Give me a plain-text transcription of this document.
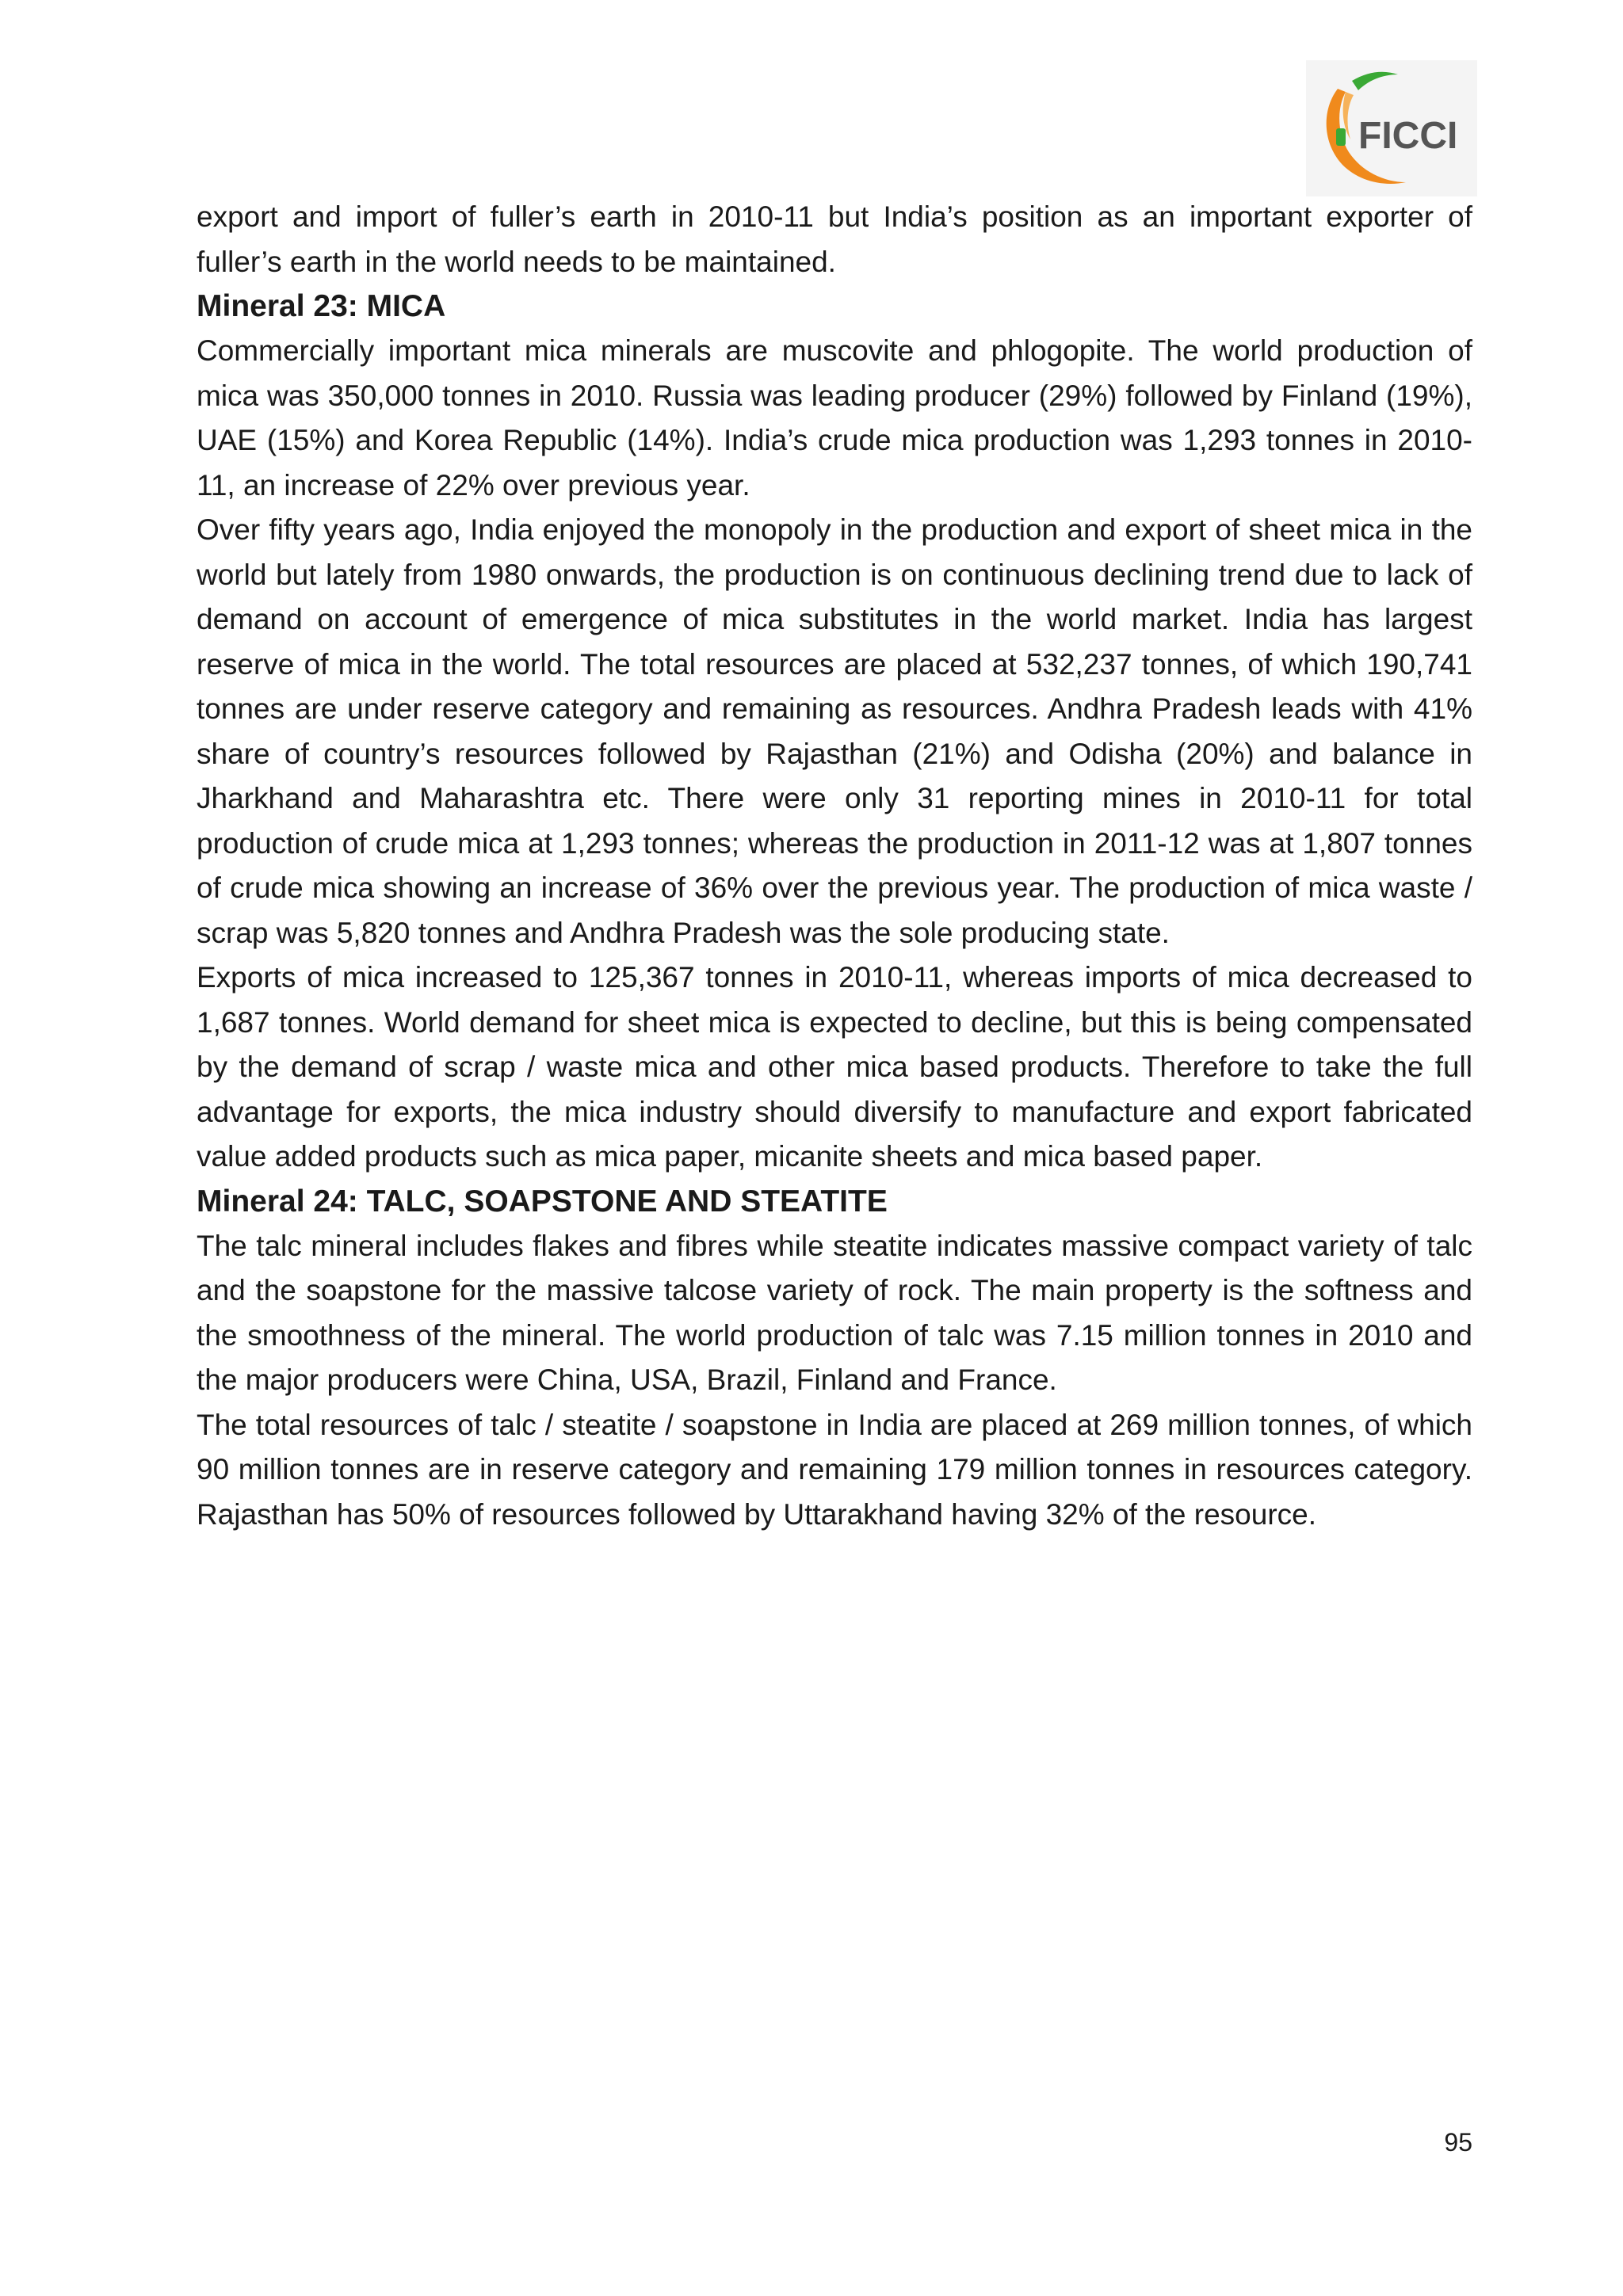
FICCI

export and import of fuller’s earth in 2010-11 but India’s position as an important exporter of fuller’s earth in the world needs to be maintained.

Mineral 23: MICA

Commercially important mica minerals are muscovite and phlogopite. The world production of mica was 350,000 tonnes in 2010. Russia was leading producer (29%) followed by Finland (19%), UAE (15%) and Korea Republic (14%). India’s crude mica production was 1,293 tonnes in 2010-11, an increase of 22% over previous year.

Over fifty years ago, India enjoyed the monopoly in the production and export of sheet mica in the world but lately from 1980 onwards, the production is on continuous declining trend due to lack of demand on account of emergence of mica substitutes in the world market. India has largest reserve of mica in the world. The total resources are placed at 532,237 tonnes, of which 190,741 tonnes are under reserve category and remaining as resources. Andhra Pradesh leads with 41% share of country’s resources followed by Rajasthan (21%) and Odisha (20%) and balance in Jharkhand and Maharashtra etc. There were only 31 reporting mines in 2010-11 for total production of crude mica at 1,293 tonnes; whereas the production in 2011-12 was at 1,807 tonnes of crude mica showing an increase of 36% over the previous year. The production of mica waste / scrap was 5,820 tonnes and Andhra Pradesh was the sole producing state.

Exports of mica increased to 125,367 tonnes in 2010-11, whereas imports of mica decreased to 1,687 tonnes. World demand for sheet mica is expected to decline, but this is being compensated by the demand of scrap / waste mica and other mica based products. Therefore to take the full advantage for exports, the mica industry should diversify to manufacture and export fabricated value added products such as mica paper, micanite sheets and mica based paper.

Mineral 24: TALC, SOAPSTONE AND STEATITE

The talc mineral includes flakes and fibres while steatite indicates massive compact variety of talc and the soapstone for the massive talcose variety of rock. The main property is the softness and the smoothness of the mineral. The world production of talc was 7.15 million tonnes in 2010 and the major producers were China, USA, Brazil, Finland and France.

The total resources of talc / steatite / soapstone in India are placed at 269 million tonnes, of which 90 million tonnes are in reserve category and remaining 179 million tonnes in resources category. Rajasthan has 50% of resources followed by Uttarakhand having 32% of the resource.

95
